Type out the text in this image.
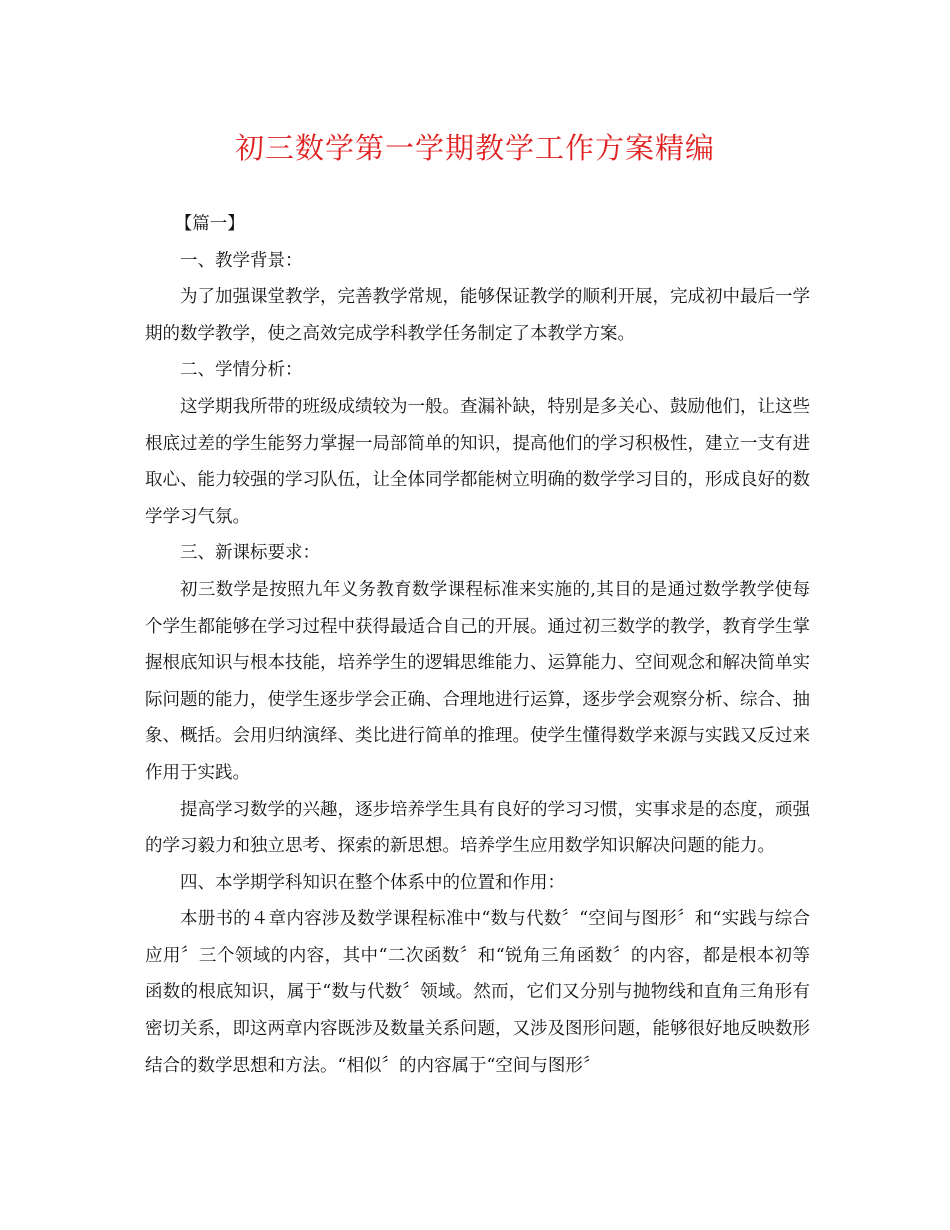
初三数学第一学期教学工作方案精编

【篇一】

一、教学背景：

为了加强课堂教学，完善教学常规，能够保证教学的顺利开展，完成初中最后一学期的数学教学，使之高效完成学科教学任务制定了本教学方案。

二、学情分析：

这学期我所带的班级成绩较为一般。查漏补缺，特别是多关心、鼓励他们，让这些根底过差的学生能努力掌握一局部简单的知识，提高他们的学习积极性，建立一支有进取心、能力较强的学习队伍，让全体同学都能树立明确的数学学习目的，形成良好的数学学习气氛。

三、新课标要求：

初三数学是按照九年义务教育数学课程标准来实施的,其目的是通过数学教学使每个学生都能够在学习过程中获得最适合自己的开展。通过初三数学的教学，教育学生掌握根底知识与根本技能，培养学生的逻辑思维能力、运算能力、空间观念和解决简单实际问题的能力，使学生逐步学会正确、合理地进行运算，逐步学会观察分析、综合、抽象、概括。会用归纳演绎、类比进行简单的推理。使学生懂得数学来源与实践又反过来作用于实践。

提高学习数学的兴趣，逐步培养学生具有良好的学习习惯，实事求是的态度，顽强的学习毅力和独立思考、探索的新思想。培养学生应用数学知识解决问题的能力。

四、本学期学科知识在整个体系中的位置和作用：

本册书的４章内容涉及数学课程标准中“数与代数〞“空间与图形〞和“实践与综合应用〞三个领域的内容，其中“二次函数〞和“锐角三角函数〞的内容，都是根本初等函数的根底知识，属于“数与代数〞领域。然而，它们又分别与抛物线和直角三角形有密切关系，即这两章内容既涉及数量关系问题，又涉及图形问题，能够很好地反映数形结合的数学思想和方法。“相似〞的内容属于“空间与图形〞
